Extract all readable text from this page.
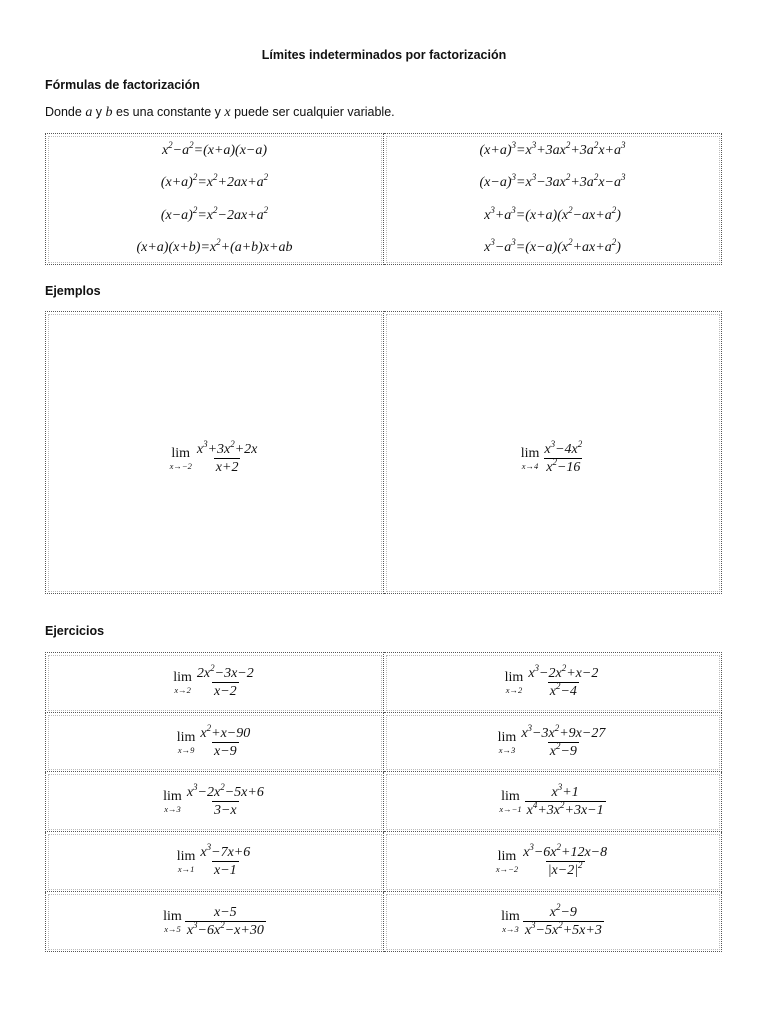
Límites indeterminados por factorización
Fórmulas de factorización
Donde a y b es una constante y x puede ser cualquier variable.
$x^2-a^2=(x+a)(x-a)$
$(x+a)^2=x^2+2ax+a^2$
$(x-a)^2=x^2-2ax+a^2$
$(x+a)(x+b)=x^2+(a+b)x+ab$

$(x+a)^3=x^3+3ax^2+3a^2x+a^3$
$(x-a)^3=x^3-3ax^2+3a^2x-a^3$
$x^3+a^3=(x+a)(x^2-ax+a^2)$
$x^3-a^3=(x-a)(x^2+ax+a^2)$
Ejemplos
lim
$x\to-2 \frac{x^3+3x^2+2x}{x+2}$	lim
$x\to 4 \frac{x^3-4x^2}{x^2-16}$
Ejercicios
lim
$x\to 2 \frac{2x^2-3x-2}{x-2}$	lim
$x\to 2 \frac{x^3-2x^2+x-2}{x^2-4}$

lim
$x\to 9 \frac{x^2+x-90}{x-9}$	lim
$x\to 3 \frac{x^3-3x^2+9x-27}{x^2-9}$

lim
$x\to 3 \frac{x^3-2x^2-5x+6}{3-x}$	lim
$x\to-1 \frac{x^3+1}{x^4+3x^2+3x-1}$

lim
$x\to 1 \frac{x^3-7x+6}{x-1}$	lim
$x\to-2 \frac{x^3-6x^2+12x-8}{|x-2|^2}$

lim
$x\to 5 \frac{x-5}{x^3-6x^2-x+30}$	lim
$x\to 3 \frac{x^2-9}{x^3-5x^2+5x+3}$
